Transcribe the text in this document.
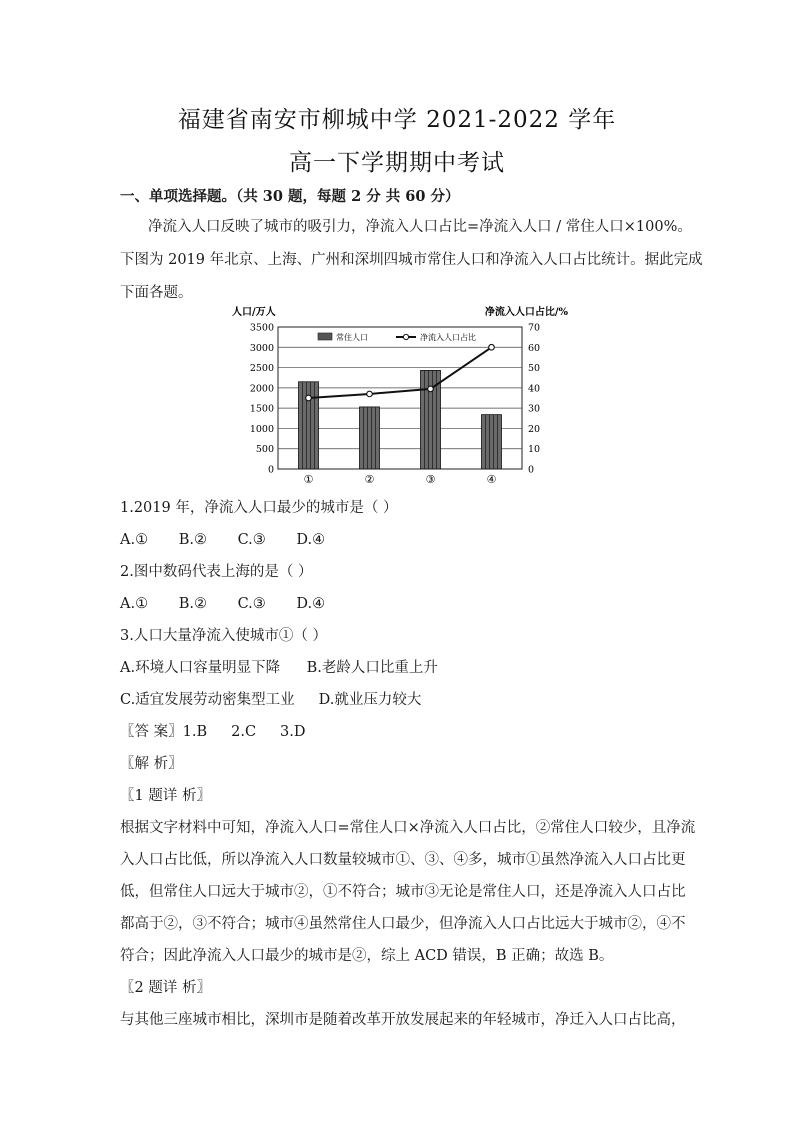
福建省南安市柳城中学 2021-2022 学年
高一下学期期中考试
一、单项选择题。（共 30 题，每题 2 分 共 60 分）
净流入人口反映了城市的吸引力，净流入人口占比=净流入人口 / 常住人口×100%。
下图为 2019 年北京、上海、广州和深圳四城市常住人口和净流入人口占比统计。据此完成
下面各题。
人口/万人	净流入人口占比/%
3500
3000
2500
2000
1500
1000
500
0
70
60
50
40
30
20
10
0
①	②	③	④
常住人口	净流入人口占比
1.2019 年，净流入人口最少的城市是（ ）
A.① B.② C.③ D.④
2.图中数码代表上海的是（ ）
A.① B.② C.③ D.④
3.人口大量净流入使城市①（ ）
A.环境人口容量明显下降 B.老龄人口比重上升
C.适宜发展劳动密集型工业 D.就业压力较大
〖答 案〗1.B 2.C 3.D
〖解 析〗
〖1 题详 析〗
根据文字材料中可知，净流入人口=常住人口×净流入人口占比，②常住人口较少，且净流
入人口占比低，所以净流入人口数量较城市①、③、④多，城市①虽然净流入人口占比更
低，但常住人口远大于城市②，①不符合；城市③无论是常住人口，还是净流入人口占比
都高于②，③不符合；城市④虽然常住人口最少，但净流入人口占比远大于城市②，④不
符合；因此净流入人口最少的城市是②，综上 ACD 错误，B 正确；故选 B。
〖2 题详 析〗
与其他三座城市相比，深圳市是随着改革开放发展起来的年轻城市，净迁入人口占比高，
